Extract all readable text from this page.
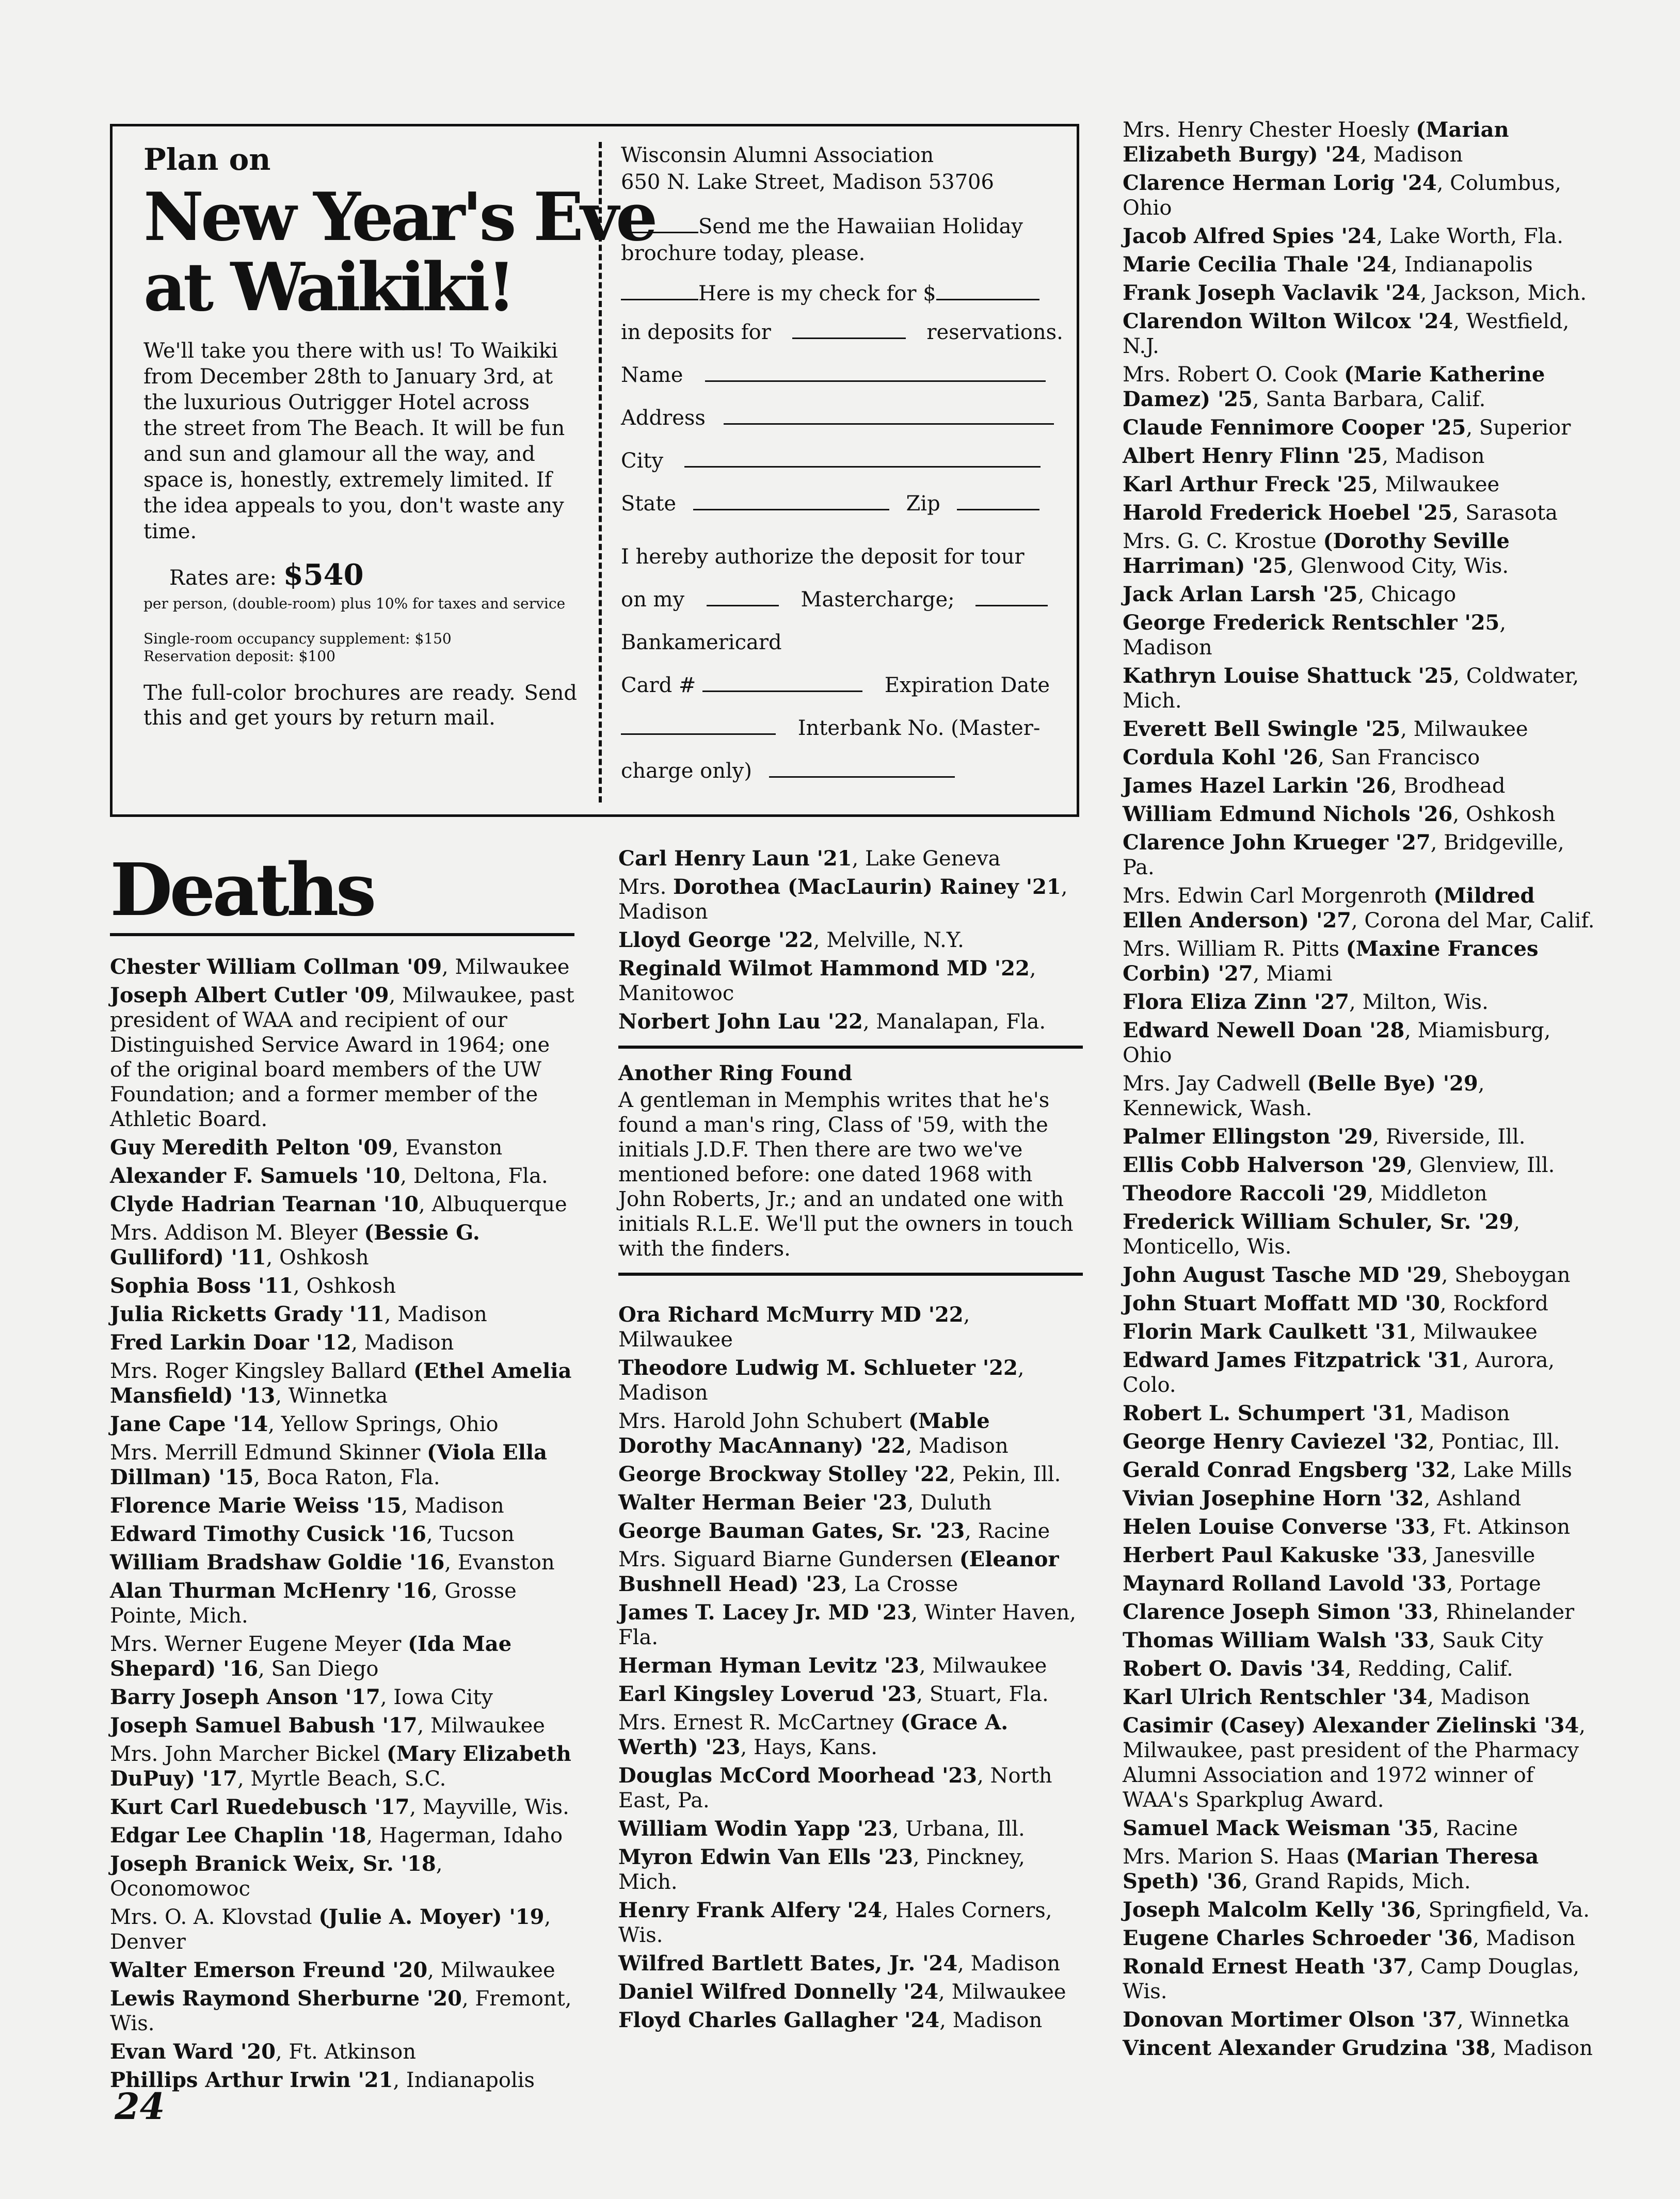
Plan on
New Year's Eve
at Waikiki!
We'll take you there with us! To Waikiki from December 28th to January 3rd, at the luxurious Outrigger Hotel across the street from The Beach. It will be fun and sun and glamour all the way, and space is, honestly, extremely limited. If the idea appeals to you, don't waste any time.
Rates are: $540
per person, (double-room) plus 10% for taxes and service
Single-room occupancy supplement: $150
Reservation deposit: $100
The full-color brochures are ready. Send this and get yours by return mail.
Wisconsin Alumni Association
650 N. Lake Street, Madison 53706
Send me the Hawaiian Holiday brochure today, please.
Here is my check for $
in deposits for	reservations.
Name
Address
City
State	Zip
I hereby authorize the deposit for tour
on my	Mastercharge;
Bankamericard
Card #	Expiration Date
Interbank No. (Master-
charge only)
Deaths
Chester William Collman '09, Milwaukee
Joseph Albert Cutler '09, Milwaukee, past president of WAA and recipient of our Distinguished Service Award in 1964; one of the original board members of the UW Foundation; and a former member of the Athletic Board.
Guy Meredith Pelton '09, Evanston
Alexander F. Samuels '10, Deltona, Fla.
Clyde Hadrian Tearnan '10, Albuquerque
Mrs. Addison M. Bleyer (Bessie G. Gulliford) '11, Oshkosh
Sophia Boss '11, Oshkosh
Julia Ricketts Grady '11, Madison
Fred Larkin Doar '12, Madison
Mrs. Roger Kingsley Ballard (Ethel Amelia Mansfield) '13, Winnetka
Jane Cape '14, Yellow Springs, Ohio
Mrs. Merrill Edmund Skinner (Viola Ella Dillman) '15, Boca Raton, Fla.
Florence Marie Weiss '15, Madison
Edward Timothy Cusick '16, Tucson
William Bradshaw Goldie '16, Evanston
Alan Thurman McHenry '16, Grosse Pointe, Mich.
Mrs. Werner Eugene Meyer (Ida Mae Shepard) '16, San Diego
Barry Joseph Anson '17, Iowa City
Joseph Samuel Babush '17, Milwaukee
Mrs. John Marcher Bickel (Mary Elizabeth DuPuy) '17, Myrtle Beach, S.C.
Kurt Carl Ruedebusch '17, Mayville, Wis.
Edgar Lee Chaplin '18, Hagerman, Idaho
Joseph Branick Weix, Sr. '18, Oconomowoc
Mrs. O. A. Klovstad (Julie A. Moyer) '19, Denver
Walter Emerson Freund '20, Milwaukee
Lewis Raymond Sherburne '20, Fremont, Wis.
Evan Ward '20, Ft. Atkinson
Phillips Arthur Irwin '21, Indianapolis
Carl Henry Laun '21, Lake Geneva
Mrs. Dorothea (MacLaurin) Rainey '21, Madison
Lloyd George '22, Melville, N.Y.
Reginald Wilmot Hammond MD '22, Manitowoc
Norbert John Lau '22, Manalapan, Fla.
Another Ring Found
A gentleman in Memphis writes that he's found a man's ring, Class of '59, with the initials J.D.F. Then there are two we've mentioned before: one dated 1968 with John Roberts, Jr.; and an undated one with initials R.L.E. We'll put the owners in touch with the finders.
Ora Richard McMurry MD '22, Milwaukee
Theodore Ludwig M. Schlueter '22, Madison
Mrs. Harold John Schubert (Mable Dorothy MacAnnany) '22, Madison
George Brockway Stolley '22, Pekin, Ill.
Walter Herman Beier '23, Duluth
George Bauman Gates, Sr. '23, Racine
Mrs. Siguard Biarne Gundersen (Eleanor Bushnell Head) '23, La Crosse
James T. Lacey Jr. MD '23, Winter Haven, Fla.
Herman Hyman Levitz '23, Milwaukee
Earl Kingsley Loverud '23, Stuart, Fla.
Mrs. Ernest R. McCartney (Grace A. Werth) '23, Hays, Kans.
Douglas McCord Moorhead '23, North East, Pa.
William Wodin Yapp '23, Urbana, Ill.
Myron Edwin Van Ells '23, Pinckney, Mich.
Henry Frank Alfery '24, Hales Corners, Wis.
Wilfred Bartlett Bates, Jr. '24, Madison
Daniel Wilfred Donnelly '24, Milwaukee
Floyd Charles Gallagher '24, Madison
Mrs. Henry Chester Hoesly (Marian Elizabeth Burgy) '24, Madison
Clarence Herman Lorig '24, Columbus, Ohio
Jacob Alfred Spies '24, Lake Worth, Fla.
Marie Cecilia Thale '24, Indianapolis
Frank Joseph Vaclavik '24, Jackson, Mich.
Clarendon Wilton Wilcox '24, Westfield, N.J.
Mrs. Robert O. Cook (Marie Katherine Damez) '25, Santa Barbara, Calif.
Claude Fennimore Cooper '25, Superior
Albert Henry Flinn '25, Madison
Karl Arthur Freck '25, Milwaukee
Harold Frederick Hoebel '25, Sarasota
Mrs. G. C. Krostue (Dorothy Seville Harriman) '25, Glenwood City, Wis.
Jack Arlan Larsh '25, Chicago
George Frederick Rentschler '25, Madison
Kathryn Louise Shattuck '25, Coldwater, Mich.
Everett Bell Swingle '25, Milwaukee
Cordula Kohl '26, San Francisco
James Hazel Larkin '26, Brodhead
William Edmund Nichols '26, Oshkosh
Clarence John Krueger '27, Bridgeville, Pa.
Mrs. Edwin Carl Morgenroth (Mildred Ellen Anderson) '27, Corona del Mar, Calif.
Mrs. William R. Pitts (Maxine Frances Corbin) '27, Miami
Flora Eliza Zinn '27, Milton, Wis.
Edward Newell Doan '28, Miamisburg, Ohio
Mrs. Jay Cadwell (Belle Bye) '29, Kennewick, Wash.
Palmer Ellingston '29, Riverside, Ill.
Ellis Cobb Halverson '29, Glenview, Ill.
Theodore Raccoli '29, Middleton
Frederick William Schuler, Sr. '29, Monticello, Wis.
John August Tasche MD '29, Sheboygan
John Stuart Moffatt MD '30, Rockford
Florin Mark Caulkett '31, Milwaukee
Edward James Fitzpatrick '31, Aurora, Colo.
Robert L. Schumpert '31, Madison
George Henry Caviezel '32, Pontiac, Ill.
Gerald Conrad Engsberg '32, Lake Mills
Vivian Josephine Horn '32, Ashland
Helen Louise Converse '33, Ft. Atkinson
Herbert Paul Kakuske '33, Janesville
Maynard Rolland Lavold '33, Portage
Clarence Joseph Simon '33, Rhinelander
Thomas William Walsh '33, Sauk City
Robert O. Davis '34, Redding, Calif.
Karl Ulrich Rentschler '34, Madison
Casimir (Casey) Alexander Zielinski '34, Milwaukee, past president of the Pharmacy Alumni Association and 1972 winner of WAA's Sparkplug Award.
Samuel Mack Weisman '35, Racine
Mrs. Marion S. Haas (Marian Theresa Speth) '36, Grand Rapids, Mich.
Joseph Malcolm Kelly '36, Springfield, Va.
Eugene Charles Schroeder '36, Madison
Ronald Ernest Heath '37, Camp Douglas, Wis.
Donovan Mortimer Olson '37, Winnetka
Vincent Alexander Grudzina '38, Madison
24
